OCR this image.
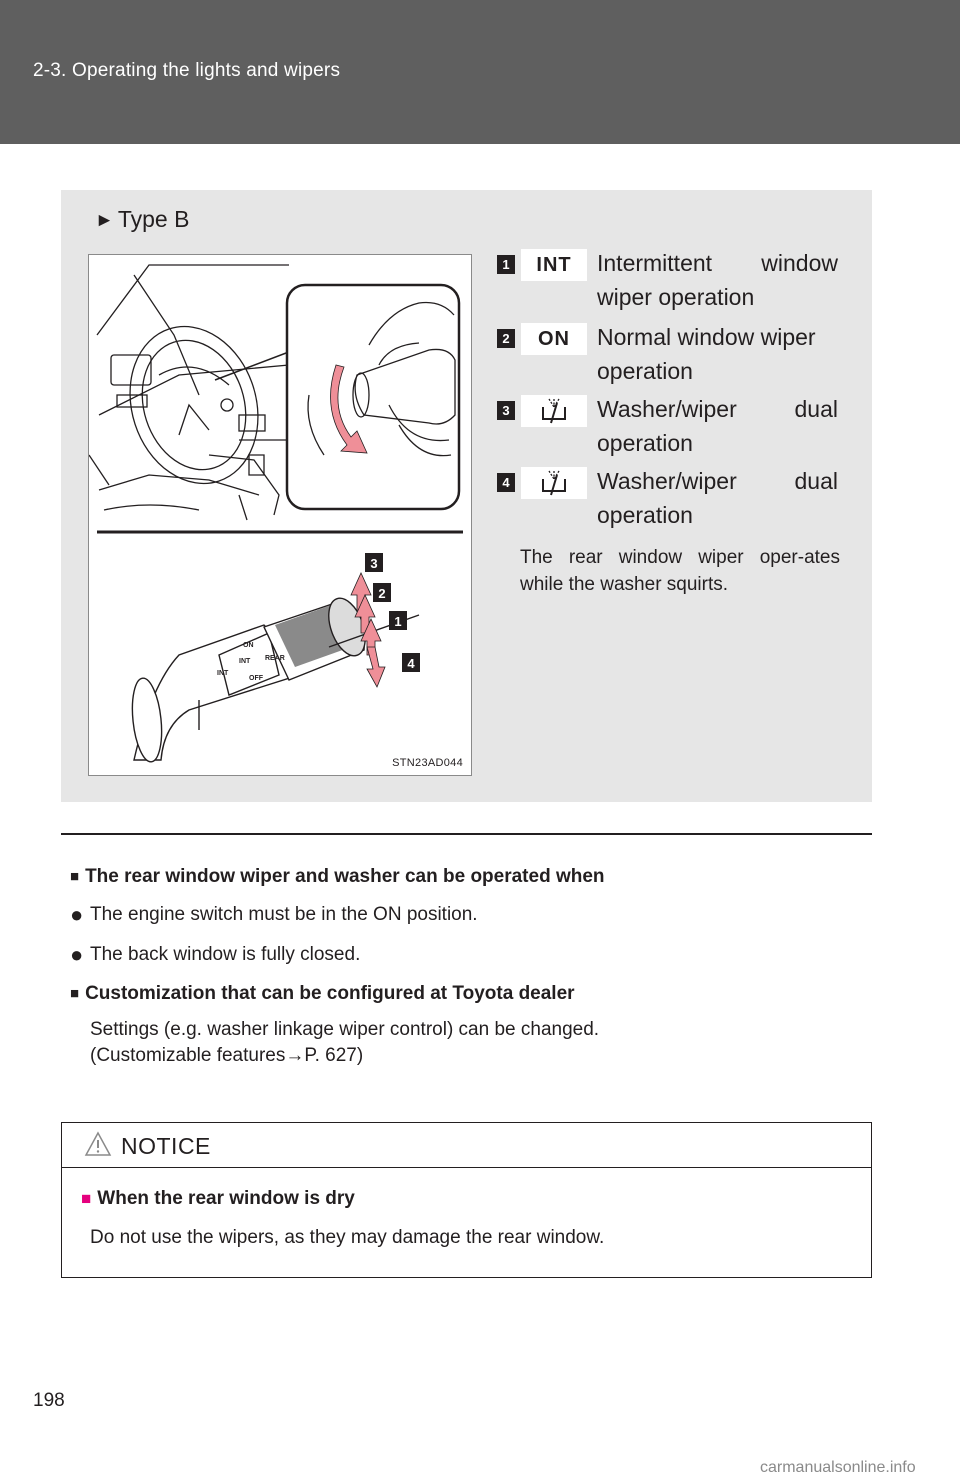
2-3. Operating the lights and wipers
► Type B
INT
INT
ON
OFF
REAR
3
2
1
4
STN23AD044
1	INT	Intermittent window
wiper operation
2	ON	Normal window wiper
operation
3	Washer/wiper dual
operation
4	Washer/wiper dual
operation
The rear window wiper oper-ates while the washer squirts.
■ The rear window wiper and washer can be operated when
● The engine switch must be in the ON position.
● The back window is fully closed.
■ Customization that can be configured at Toyota dealer
Settings (e.g. washer linkage wiper control) can be changed.
(Customizable features→P. 627)
NOTICE
■ When the rear window is dry
Do not use the wipers, as they may damage the rear window.
198
carmanualsonline.info
